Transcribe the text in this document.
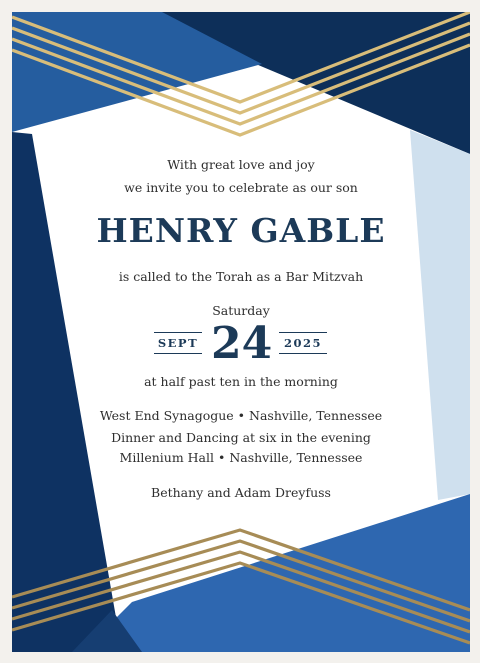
With great love and joy
we invite you to celebrate as our son
HENRY GABLE
is called to the Torah as a Bar Mitzvah
Saturday
SEPT 24	2025
at half past ten in the morning
West End Synagogue • Nashville, Tennessee
Dinner and Dancing at six in the evening
Millenium Hall • Nashville, Tennessee
Bethany and Adam Dreyfuss
